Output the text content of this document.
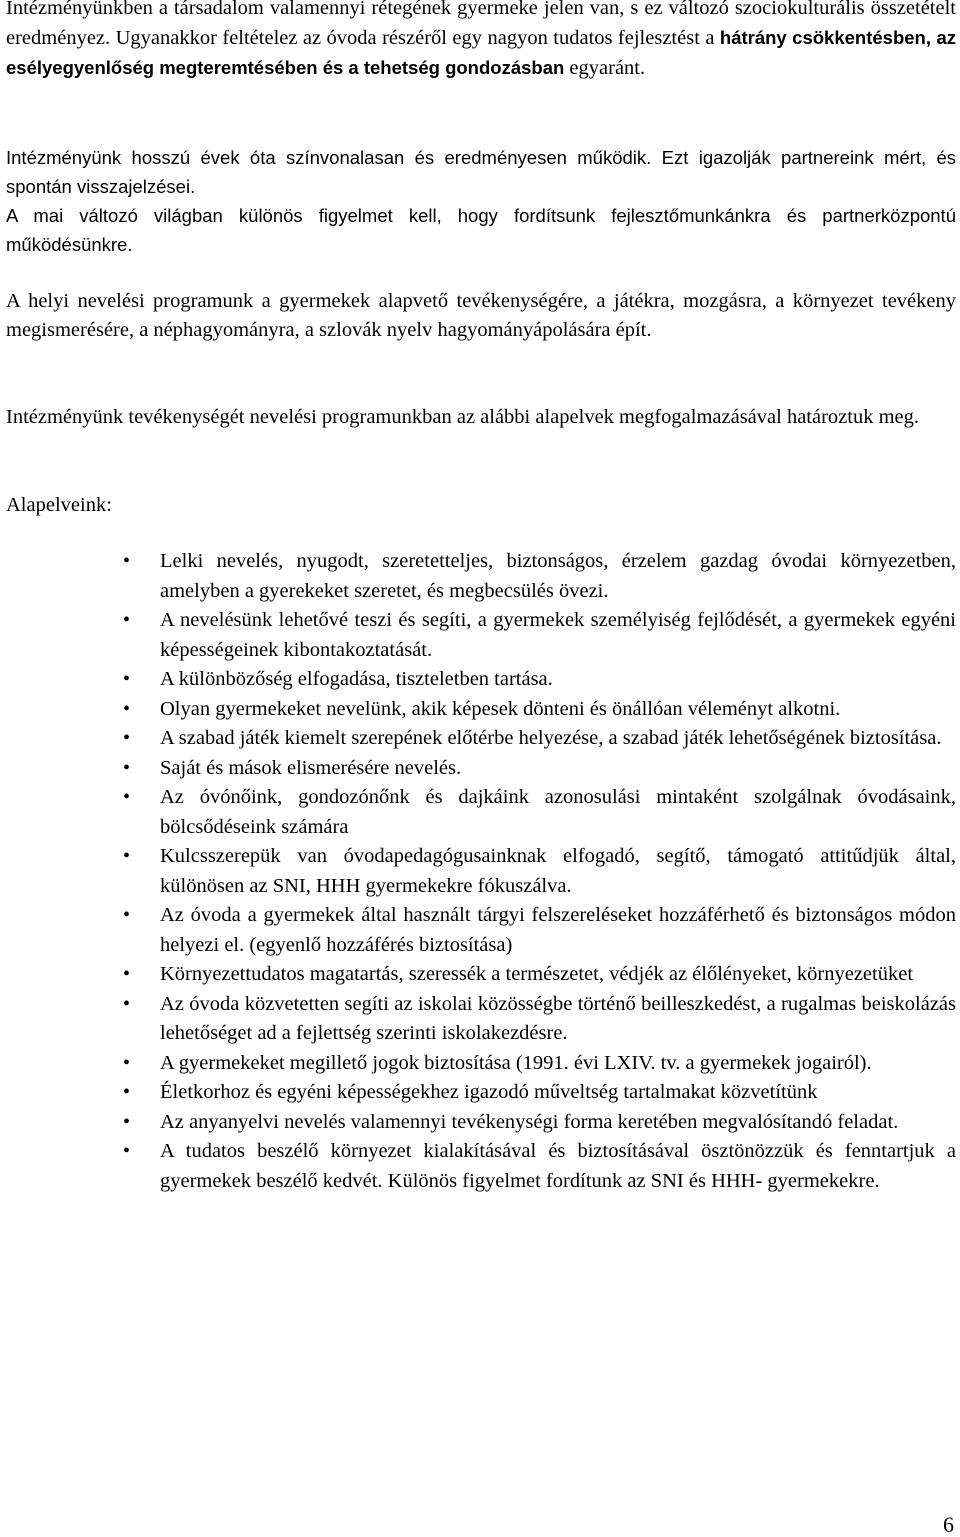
Intézményünkben a társadalom valamennyi rétegének gyermeke jelen van, s ez változó szociokulturális összetételt eredményez. Ugyanakkor feltételez az óvoda részéről egy nagyon tudatos fejlesztést a hátrány csökkentésben, az esélyegyenlőség megteremtésében és a tehetség gondozásban egyaránt.

Intézményünk hosszú évek óta színvonalasan és eredményesen működik. Ezt igazolják partnereink mért, és spontán visszajelzései.

A mai változó világban különös figyelmet kell, hogy fordítsunk fejlesztőmunkánkra és partnerközpontú működésünkre.

A helyi nevelési programunk a gyermekek alapvető tevékenységére, a játékra, mozgásra, a környezet tevékeny megismerésére, a néphagyományra, a szlovák nyelv hagyományápolására épít.

Intézményünk tevékenységét nevelési programunkban az alábbi alapelvek megfogalmazásával határoztuk meg.

Alapelveink:
• Lelki nevelés, nyugodt, szeretetteljes, biztonságos, érzelem gazdag óvodai környezetben, amelyben a gyerekeket szeretet, és megbecsülés övezi.
• A nevelésünk lehetővé teszi és segíti, a gyermekek személyiség fejlődését, a gyermekek egyéni képességeinek kibontakoztatását.
• A különbözőség elfogadása, tiszteletben tartása.
• Olyan gyermekeket nevelünk, akik képesek dönteni és önállóan véleményt alkotni.
• A szabad játék kiemelt szerepének előtérbe helyezése, a szabad játék lehetőségének biztosítása.
• Saját és mások elismerésére nevelés.
• Az óvónőink, gondozónőnk és dajkáink azonosulási mintaként szolgálnak óvodásaink, bölcsődéseink számára
• Kulcsszerepük van óvodapedagógusainknak elfogadó, segítő, támogató attitűdjük által, különösen az SNI, HHH gyermekekre fókuszálva.
• Az óvoda a gyermekek által használt tárgyi felszereléseket hozzáférhető és biztonságos módon helyezi el. (egyenlő hozzáférés biztosítása)
• Környezettudatos magatartás, szeressék a természetet, védjék az élőlényeket, környezetüket
• Az óvoda közvetetten segíti az iskolai közösségbe történő beilleszkedést, a rugalmas beiskolázás lehetőséget ad a fejlettség szerinti iskolakezdésre.
• A gyermekeket megillető jogok biztosítása (1991. évi LXIV. tv. a gyermekek jogairól).
• Életkorhoz és egyéni képességekhez igazodó műveltség tartalmakat közvetítünk
• Az anyanyelvi nevelés valamennyi tevékenységi forma keretében megvalósítandó feladat.
• A tudatos beszélő környezet kialakításával és biztosításával ösztönözzük és fenntartjuk a gyermekek beszélő kedvét. Különös figyelmet fordítunk az SNI és HHH- gyermekekre.
6
